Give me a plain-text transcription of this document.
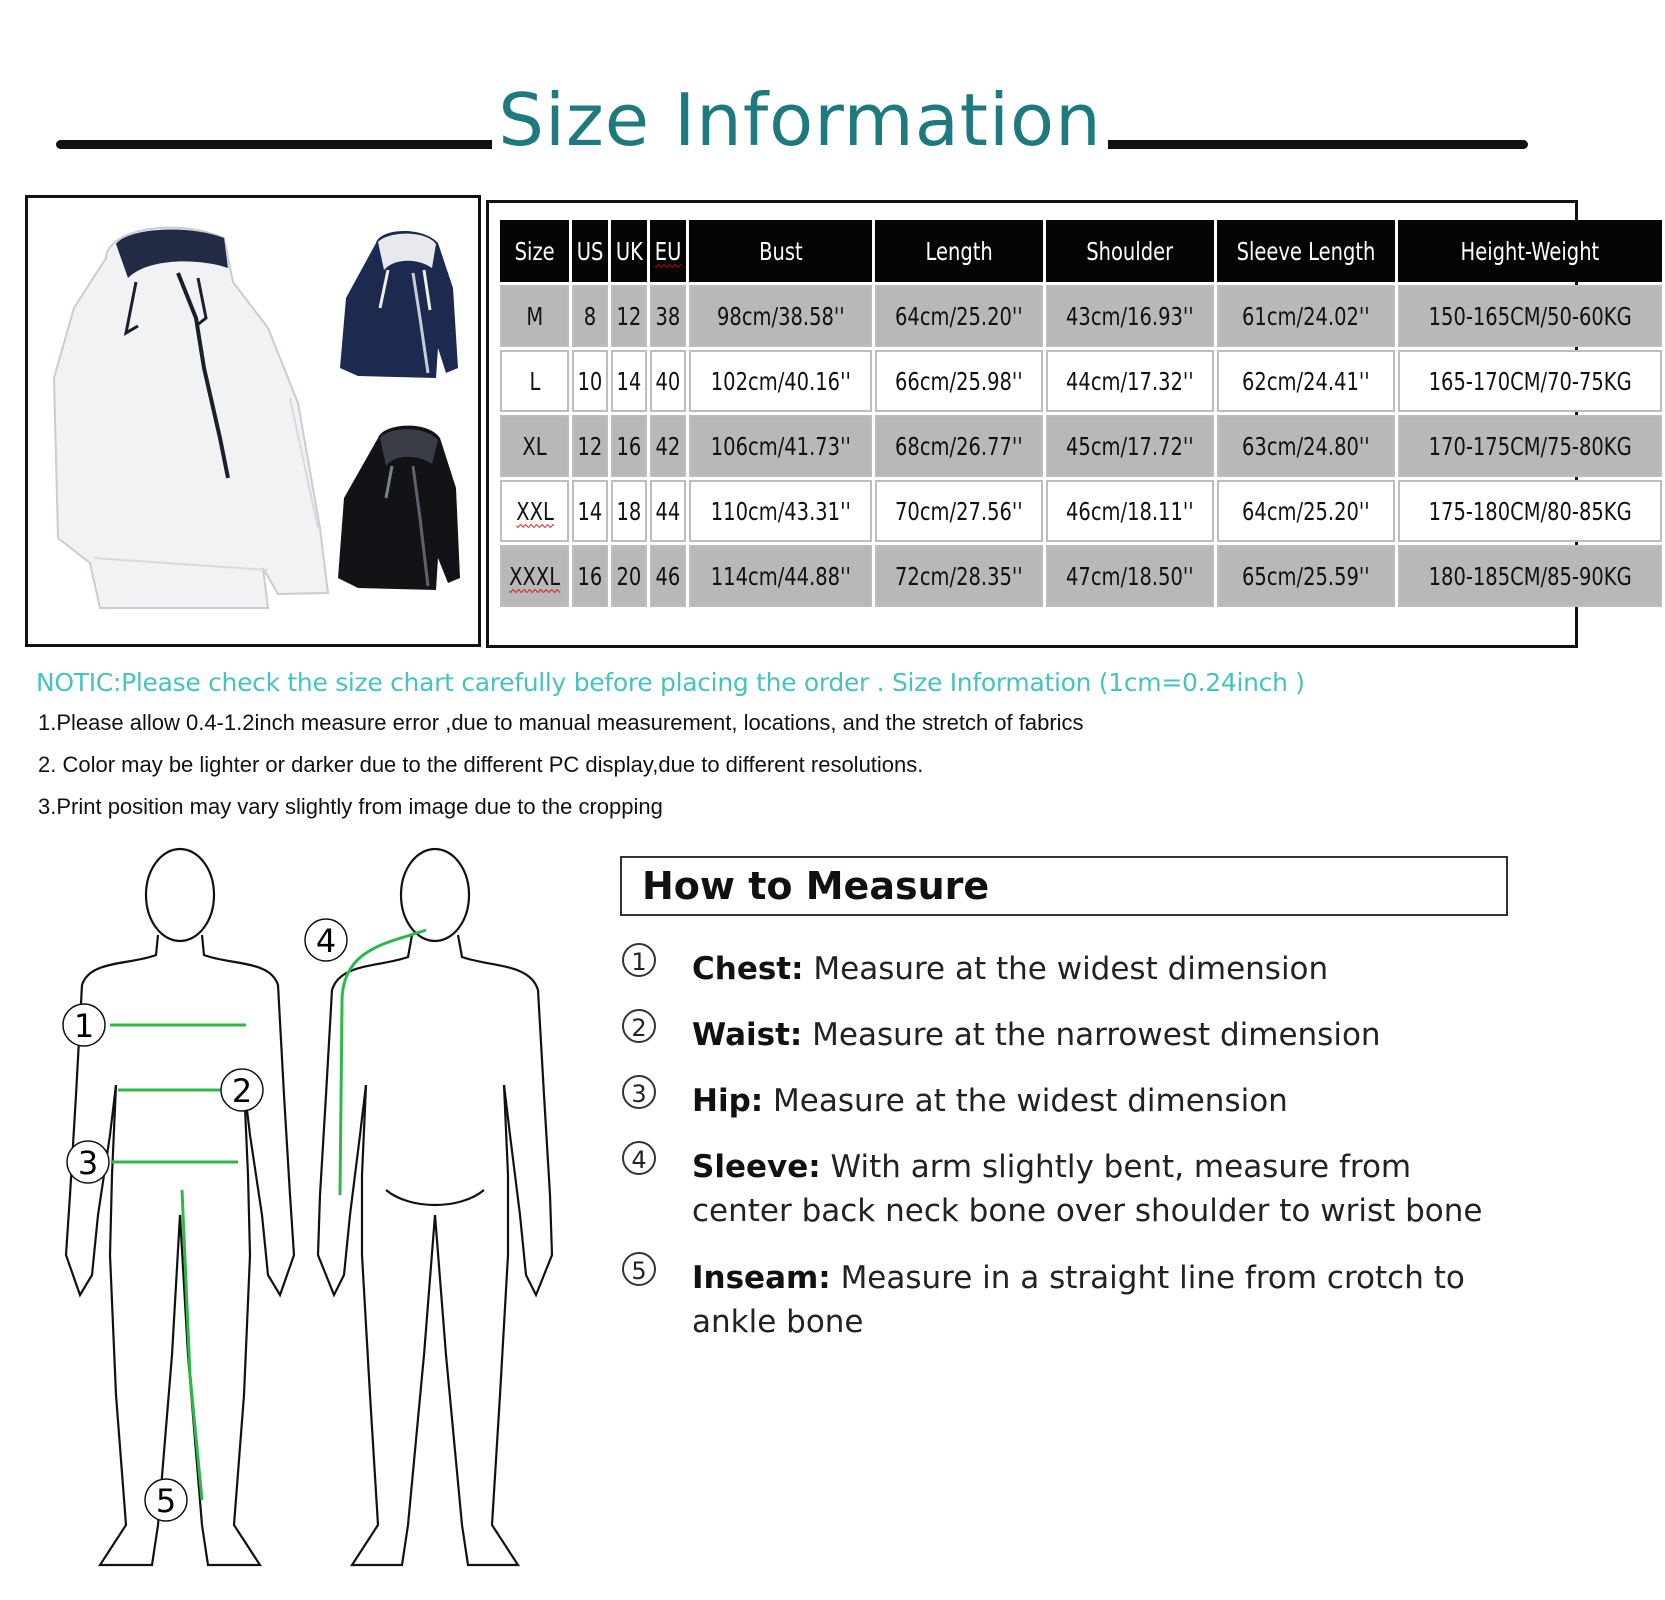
Size Information
Size	US	UK	EU	Bust	Length	Shoulder	Sleeve Length	Height-Weight
M	8	12	38	98cm/38.58''	64cm/25.20''	43cm/16.93''	61cm/24.02''	150-165CM/50-60KG
L	10	14	40	102cm/40.16''	66cm/25.98''	44cm/17.32''	62cm/24.41''	165-170CM/70-75KG
XL	12	16	42	106cm/41.73''	68cm/26.77''	45cm/17.72''	63cm/24.80''	170-175CM/75-80KG
XXL	14	18	44	110cm/43.31''	70cm/27.56''	46cm/18.11''	64cm/25.20''	175-180CM/80-85KG
XXXL	16	20	46	114cm/44.88''	72cm/28.35''	47cm/18.50''	65cm/25.59''	180-185CM/85-90KG
NOTIC:Please check the size chart carefully before placing the order . Size Information (1cm=0.24inch )
1.Please allow 0.4-1.2inch measure error ,due to manual measurement, locations, and the stretch of fabrics
2. Color may be lighter or darker due to the different PC display,due to different resolutions.
3.Print position may vary slightly from image due to the cropping
1
2
3
5
4
How to Measure
1	Chest: Measure at the widest dimension
2	Waist: Measure at the narrowest dimension
3	Hip: Measure at the widest dimension
4	Sleeve: With arm slightly bent, measure from
center back neck bone over shoulder to wrist bone
5	Inseam: Measure in a straight line from crotch to
ankle bone
